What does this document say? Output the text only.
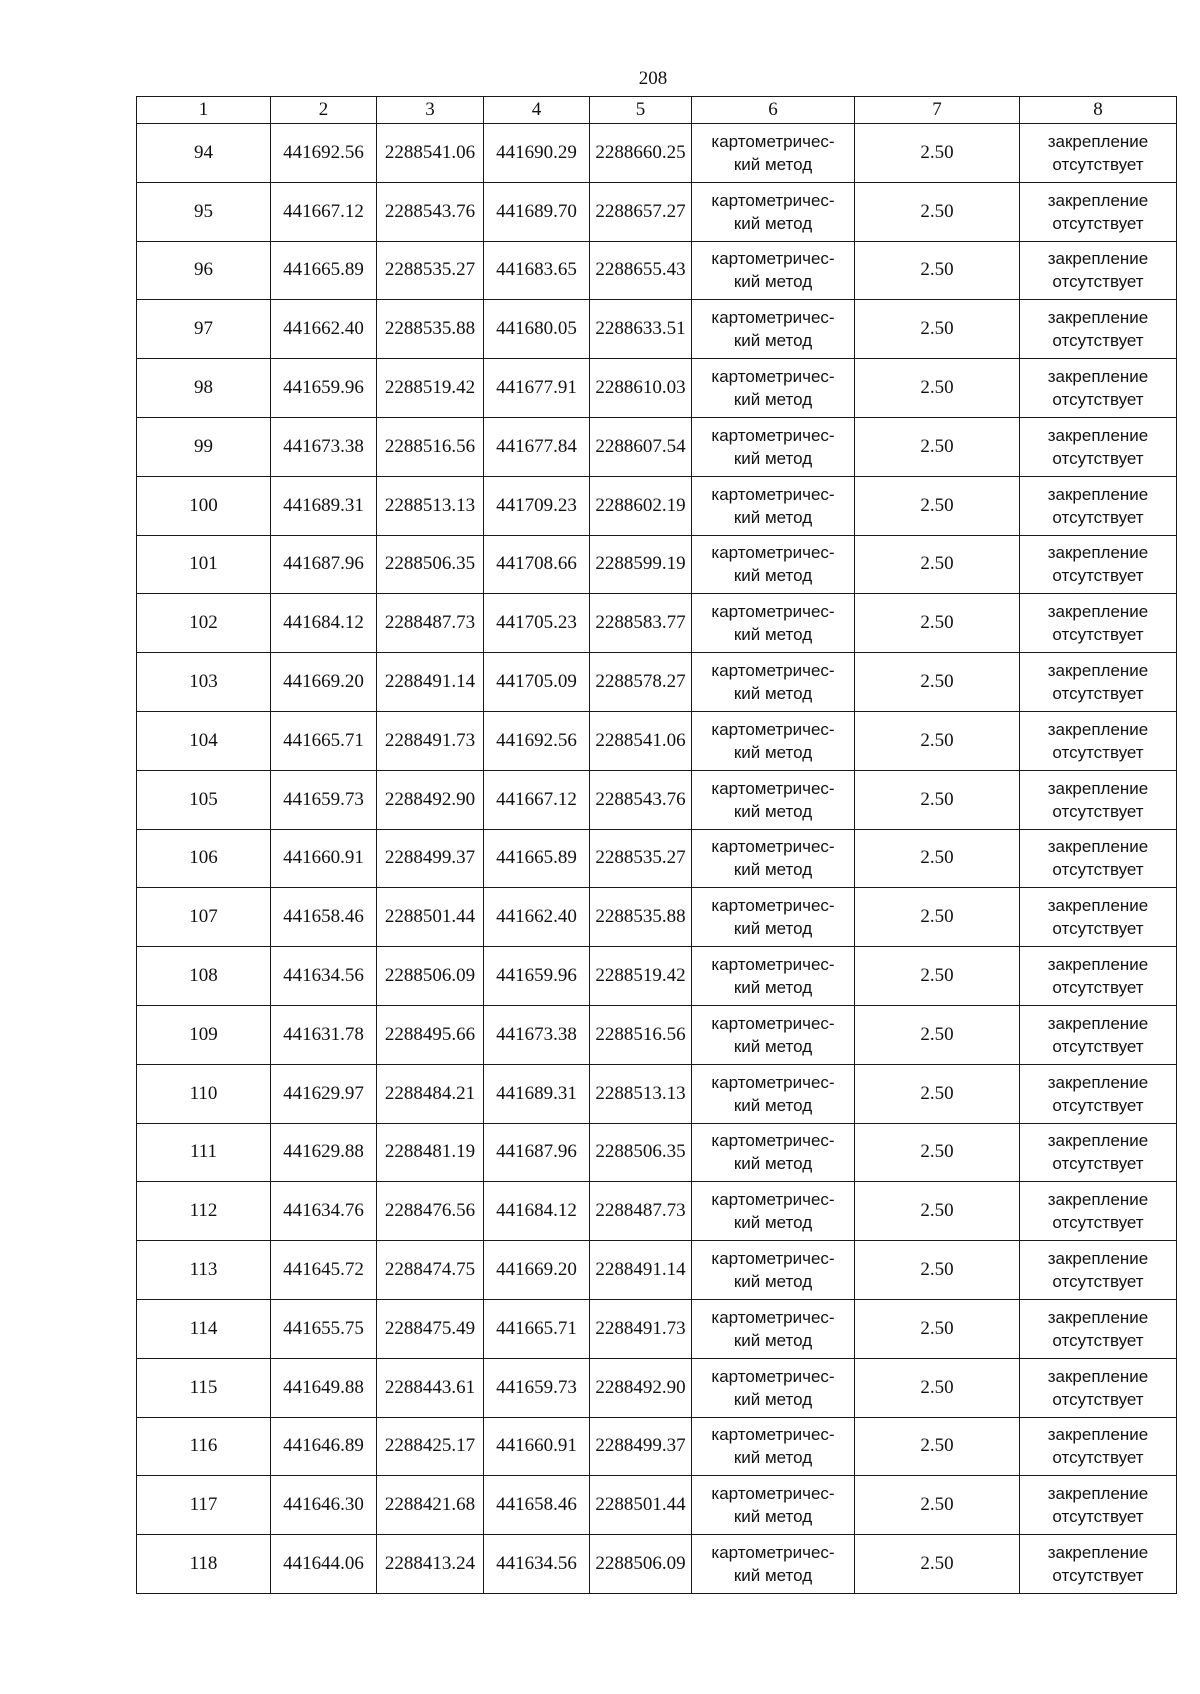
208
1	2	3	4	5	6	7	8
94	441692.56	2288541.06	441690.29	2288660.25	картометричес-
кий метод	2.50	закрепление
отсутствует

95	441667.12	2288543.76	441689.70	2288657.27	картометричес-
кий метод	2.50	закрепление
отсутствует

96	441665.89	2288535.27	441683.65	2288655.43	картометричес-
кий метод	2.50	закрепление
отсутствует

97	441662.40	2288535.88	441680.05	2288633.51	картометричес-
кий метод	2.50	закрепление
отсутствует

98	441659.96	2288519.42	441677.91	2288610.03	картометричес-
кий метод	2.50	закрепление
отсутствует

99	441673.38	2288516.56	441677.84	2288607.54	картометричес-
кий метод	2.50	закрепление
отсутствует

100	441689.31	2288513.13	441709.23	2288602.19	картометричес-
кий метод	2.50	закрепление
отсутствует

101	441687.96	2288506.35	441708.66	2288599.19	картометричес-
кий метод	2.50	закрепление
отсутствует

102	441684.12	2288487.73	441705.23	2288583.77	картометричес-
кий метод	2.50	закрепление
отсутствует

103	441669.20	2288491.14	441705.09	2288578.27	картометричес-
кий метод	2.50	закрепление
отсутствует

104	441665.71	2288491.73	441692.56	2288541.06	картометричес-
кий метод	2.50	закрепление
отсутствует

105	441659.73	2288492.90	441667.12	2288543.76	картометричес-
кий метод	2.50	закрепление
отсутствует

106	441660.91	2288499.37	441665.89	2288535.27	картометричес-
кий метод	2.50	закрепление
отсутствует

107	441658.46	2288501.44	441662.40	2288535.88	картометричес-
кий метод	2.50	закрепление
отсутствует

108	441634.56	2288506.09	441659.96	2288519.42	картометричес-
кий метод	2.50	закрепление
отсутствует

109	441631.78	2288495.66	441673.38	2288516.56	картометричес-
кий метод	2.50	закрепление
отсутствует

110	441629.97	2288484.21	441689.31	2288513.13	картометричес-
кий метод	2.50	закрепление
отсутствует

111	441629.88	2288481.19	441687.96	2288506.35	картометричес-
кий метод	2.50	закрепление
отсутствует

112	441634.76	2288476.56	441684.12	2288487.73	картометричес-
кий метод	2.50	закрепление
отсутствует

113	441645.72	2288474.75	441669.20	2288491.14	картометричес-
кий метод	2.50	закрепление
отсутствует

114	441655.75	2288475.49	441665.71	2288491.73	картометричес-
кий метод	2.50	закрепление
отсутствует

115	441649.88	2288443.61	441659.73	2288492.90	картометричес-
кий метод	2.50	закрепление
отсутствует

116	441646.89	2288425.17	441660.91	2288499.37	картометричес-
кий метод	2.50	закрепление
отсутствует

117	441646.30	2288421.68	441658.46	2288501.44	картометричес-
кий метод	2.50	закрепление
отсутствует

118	441644.06	2288413.24	441634.56	2288506.09	картометричес-
кий метод	2.50	закрепление
отсутствует
